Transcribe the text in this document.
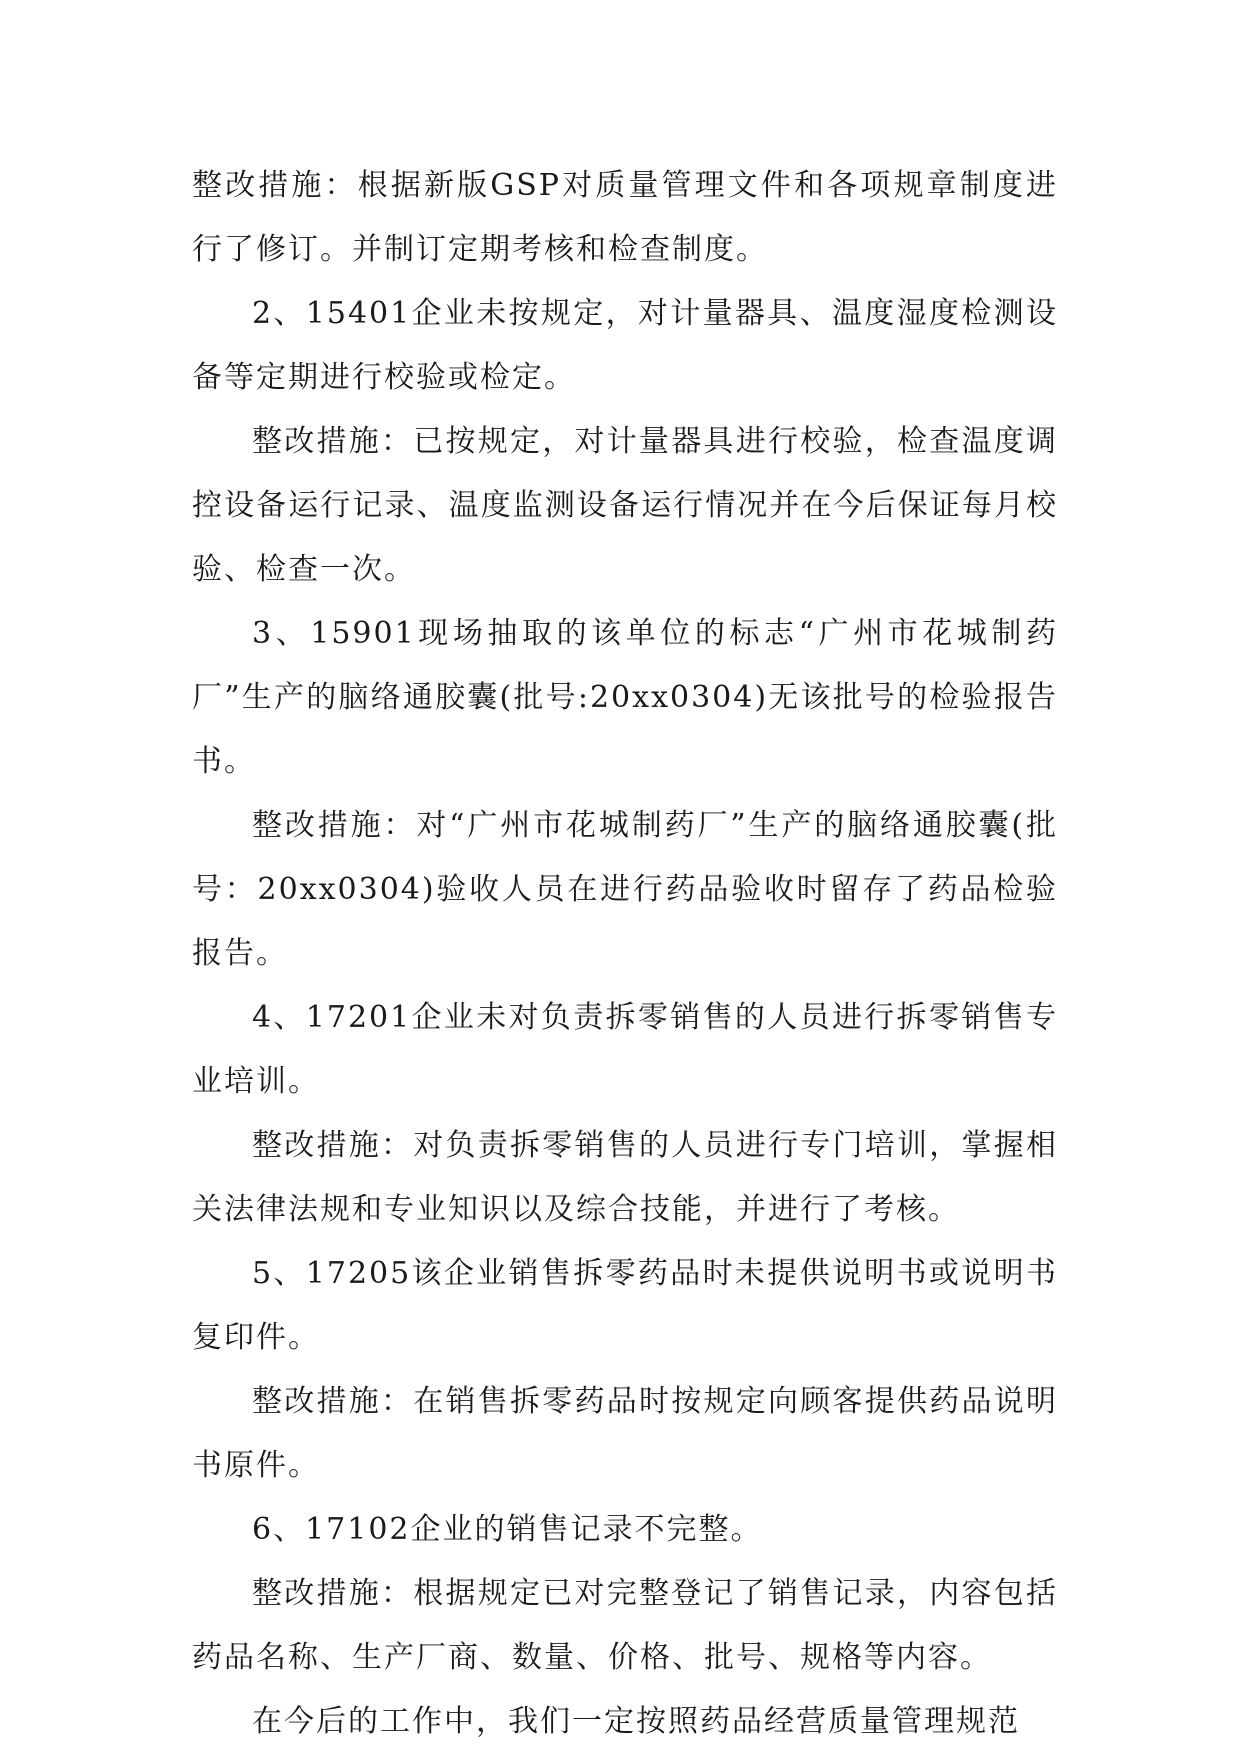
整改措施：根据新版GSP对质量管理文件和各项规章制度进行了修订。并制订定期考核和检查制度。

2、15401企业未按规定，对计量器具、温度湿度检测设备等定期进行校验或检定。

整改措施：已按规定，对计量器具进行校验，检查温度调控设备运行记录、温度监测设备运行情况并在今后保证每月校验、检查一次。

3、15901现场抽取的该单位的标志“广州市花城制药厂”生产的脑络通胶囊(批号:20xx0304)无该批号的检验报告书。

整改措施：对“广州市花城制药厂”生产的脑络通胶囊(批号：20xx0304)验收人员在进行药品验收时留存了药品检验报告。

4、17201企业未对负责拆零销售的人员进行拆零销售专业培训。

整改措施：对负责拆零销售的人员进行专门培训，掌握相关法律法规和专业知识以及综合技能，并进行了考核。

5、17205该企业销售拆零药品时未提供说明书或说明书复印件。

整改措施：在销售拆零药品时按规定向顾客提供药品说明书原件。

6、17102企业的销售记录不完整。

整改措施：根据规定已对完整登记了销售记录，内容包括药品名称、生产厂商、数量、价格、批号、规格等内容。

在今后的工作中，我们一定按照药品经营质量管理规范
